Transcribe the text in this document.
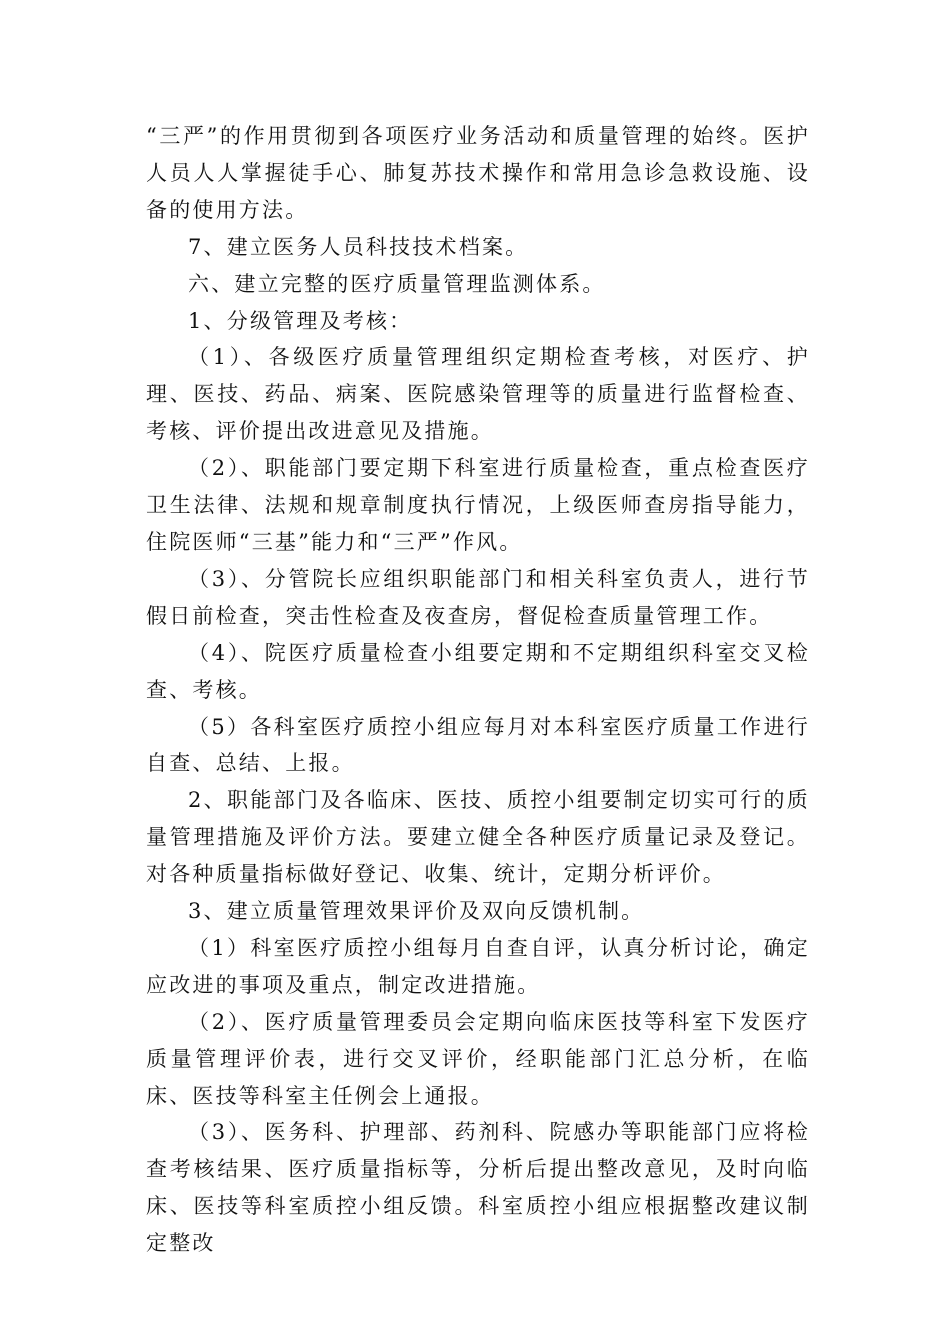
“三严”的作用贯彻到各项医疗业务活动和质量管理的始终。医护人员人人掌握徒手心、肺复苏技术操作和常用急诊急救设施、设备的使用方法。

7、建立医务人员科技技术档案。

六、建立完整的医疗质量管理监测体系。

1、分级管理及考核：

（1）、各级医疗质量管理组织定期检查考核，对医疗、护理、医技、药品、病案、医院感染管理等的质量进行监督检查、考核、评价提出改进意见及措施。

（2）、职能部门要定期下科室进行质量检查，重点检查医疗卫生法律、法规和规章制度执行情况，上级医师查房指导能力，住院医师“三基”能力和“三严”作风。

（3）、分管院长应组织职能部门和相关科室负责人，进行节假日前检查，突击性检查及夜查房，督促检查质量管理工作。

（4）、院医疗质量检查小组要定期和不定期组织科室交叉检查、考核。

（5）各科室医疗质控小组应每月对本科室医疗质量工作进行自查、总结、上报。

2、职能部门及各临床、医技、质控小组要制定切实可行的质量管理措施及评价方法。要建立健全各种医疗质量记录及登记。对各种质量指标做好登记、收集、统计，定期分析评价。

3、建立质量管理效果评价及双向反馈机制。

（1）科室医疗质控小组每月自查自评，认真分析讨论，确定应改进的事项及重点，制定改进措施。

（2）、医疗质量管理委员会定期向临床医技等科室下发医疗质量管理评价表，进行交叉评价，经职能部门汇总分析，在临床、医技等科室主任例会上通报。

（3）、医务科、护理部、药剂科、院感办等职能部门应将检查考核结果、医疗质量指标等，分析后提出整改意见，及时向临床、医技等科室质控小组反馈。科室质控小组应根据整改建议制定整改
